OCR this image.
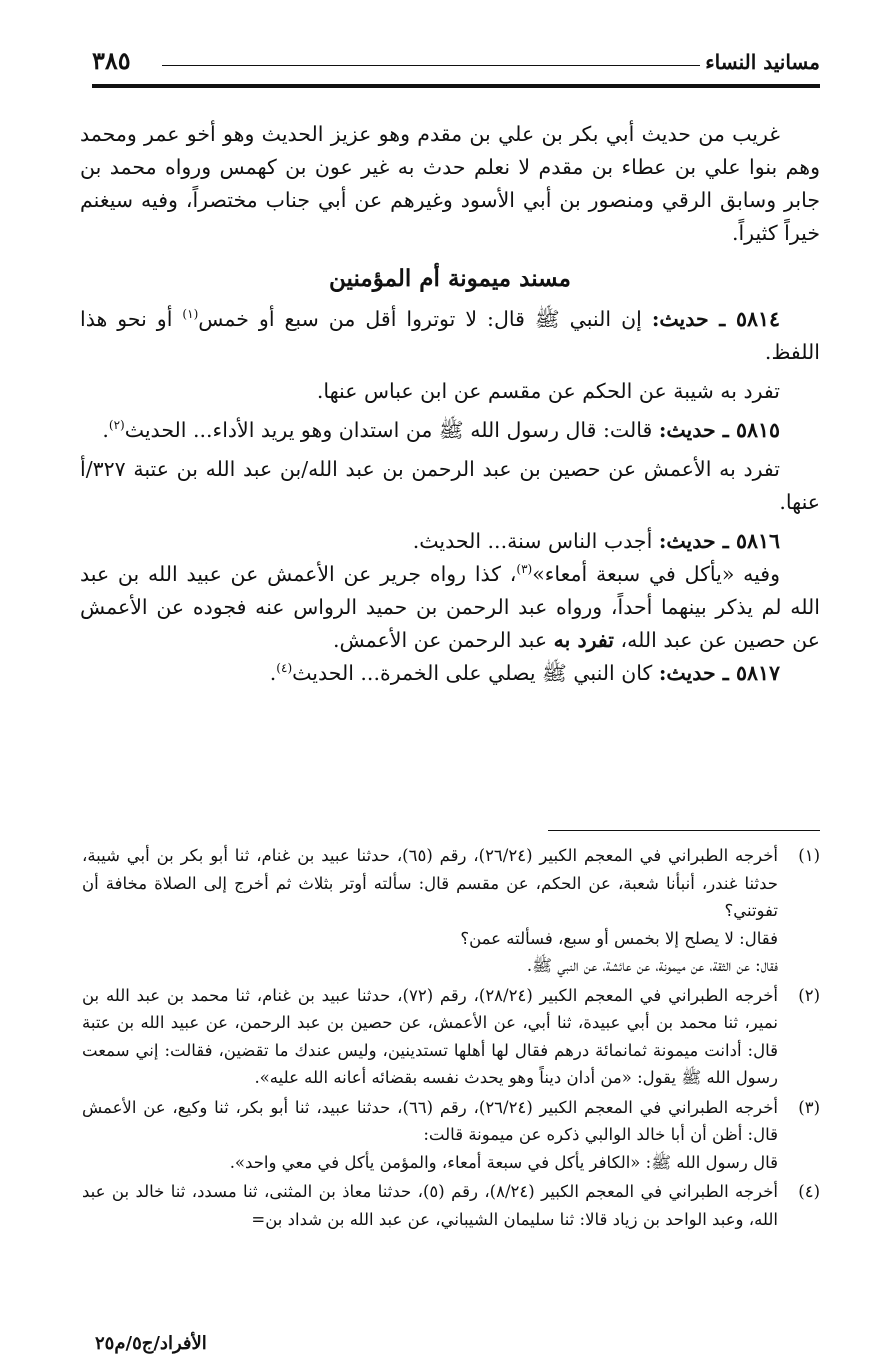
مسانيد النساء
٣٨٥

غريب من حديث أبي بكر بن علي بن مقدم وهو عزيز الحديث وهو أخو عمر ومحمد وهم بنوا علي بن عطاء بن مقدم لا نعلم حدث به غير عون بن كهمس ورواه محمد بن جابر وسابق الرقي ومنصور بن أبي الأسود وغيرهم عن أبي جناب مختصراً، وفيه سيغنم خيراً كثيراً.

مسند ميمونة أم المؤمنين

٥٨١٤ ـ حديث: إن النبي ﷺ قال: لا توتروا أقل من سبع أو خمس$^{(١)}$ أو نحو هذا اللفظ.

تفرد به شيبة عن الحكم عن مقسم عن ابن عباس عنها.

٥٨١٥ ـ حديث: قالت: قال رسول الله ﷺ من استدان وهو يريد الأداء... الحديث$^{(٢)}$.

تفرد به الأعمش عن حصين بن عبد الرحمن بن عبد الله/بن عبد الله بن عتبة ٣٢٧/أ عنها.

٥٨١٦ ـ حديث: أجدب الناس سنة... الحديث.

وفيه «يأكل في سبعة أمعاء»$^{(٣)}$، كذا رواه جرير عن الأعمش عن عبيد الله بن عبد الله لم يذكر بينهما أحداً، ورواه عبد الرحمن بن حميد الرواس عنه فجوده عن الأعمش عن حصين عن عبد الله، تفرد به عبد الرحمن عن الأعمش.

٥٨١٧ ـ حديث: كان النبي ﷺ يصلي على الخمرة... الحديث$^{(٤)}$.

(١)

أخرجه الطبراني في المعجم الكبير (٢٦/٢٤)، رقم (٦٥)، حدثنا عبيد بن غنام، ثنا أبو بكر بن أبي شيبة، حدثنا غندر، أنبأنا شعبة، عن الحكم، عن مقسم قال: سألته أوتر بثلاث ثم أخرج إلى الصلاة مخافة أن تفوتني؟

فقال: لا يصلح إلا بخمس أو سبع، فسألته عمن؟

فقال: عن الثقة، عن ميمونة، عن عائشة، عن النبي ﷺ.

(٢)

أخرجه الطبراني في المعجم الكبير (٢٨/٢٤)، رقم (٧٢)، حدثنا عبيد بن غنام، ثنا محمد بن عبد الله بن نمير، ثنا محمد بن أبي عبيدة، ثنا أبي، عن الأعمش، عن حصين بن عبد الرحمن، عن عبيد الله بن عتبة قال: أدانت ميمونة ثمانمائة درهم فقال لها أهلها تستدينين، وليس عندك ما تقضين، فقالت: إني سمعت رسول الله ﷺ يقول: «من أدان ديناً وهو يحدث نفسه بقضائه أعانه الله عليه».

(٣)

أخرجه الطبراني في المعجم الكبير (٢٦/٢٤)، رقم (٦٦)، حدثنا عبيد، ثنا أبو بكر، ثنا وكيع، عن الأعمش قال: أظن أن أبا خالد الوالبي ذكره عن ميمونة قالت:

قال رسول الله ﷺ: «الكافر يأكل في سبعة أمعاء، والمؤمن يأكل في معي واحد».

(٤)

أخرجه الطبراني في المعجم الكبير (٨/٢٤)، رقم (٥)، حدثنا معاذ بن المثنى، ثنا مسدد، ثنا خالد بن عبد الله، وعبد الواحد بن زياد قالا: ثنا سليمان الشيباني، عن عبد الله بن شداد بن=

الأفراد/ج٥/م٢٥
